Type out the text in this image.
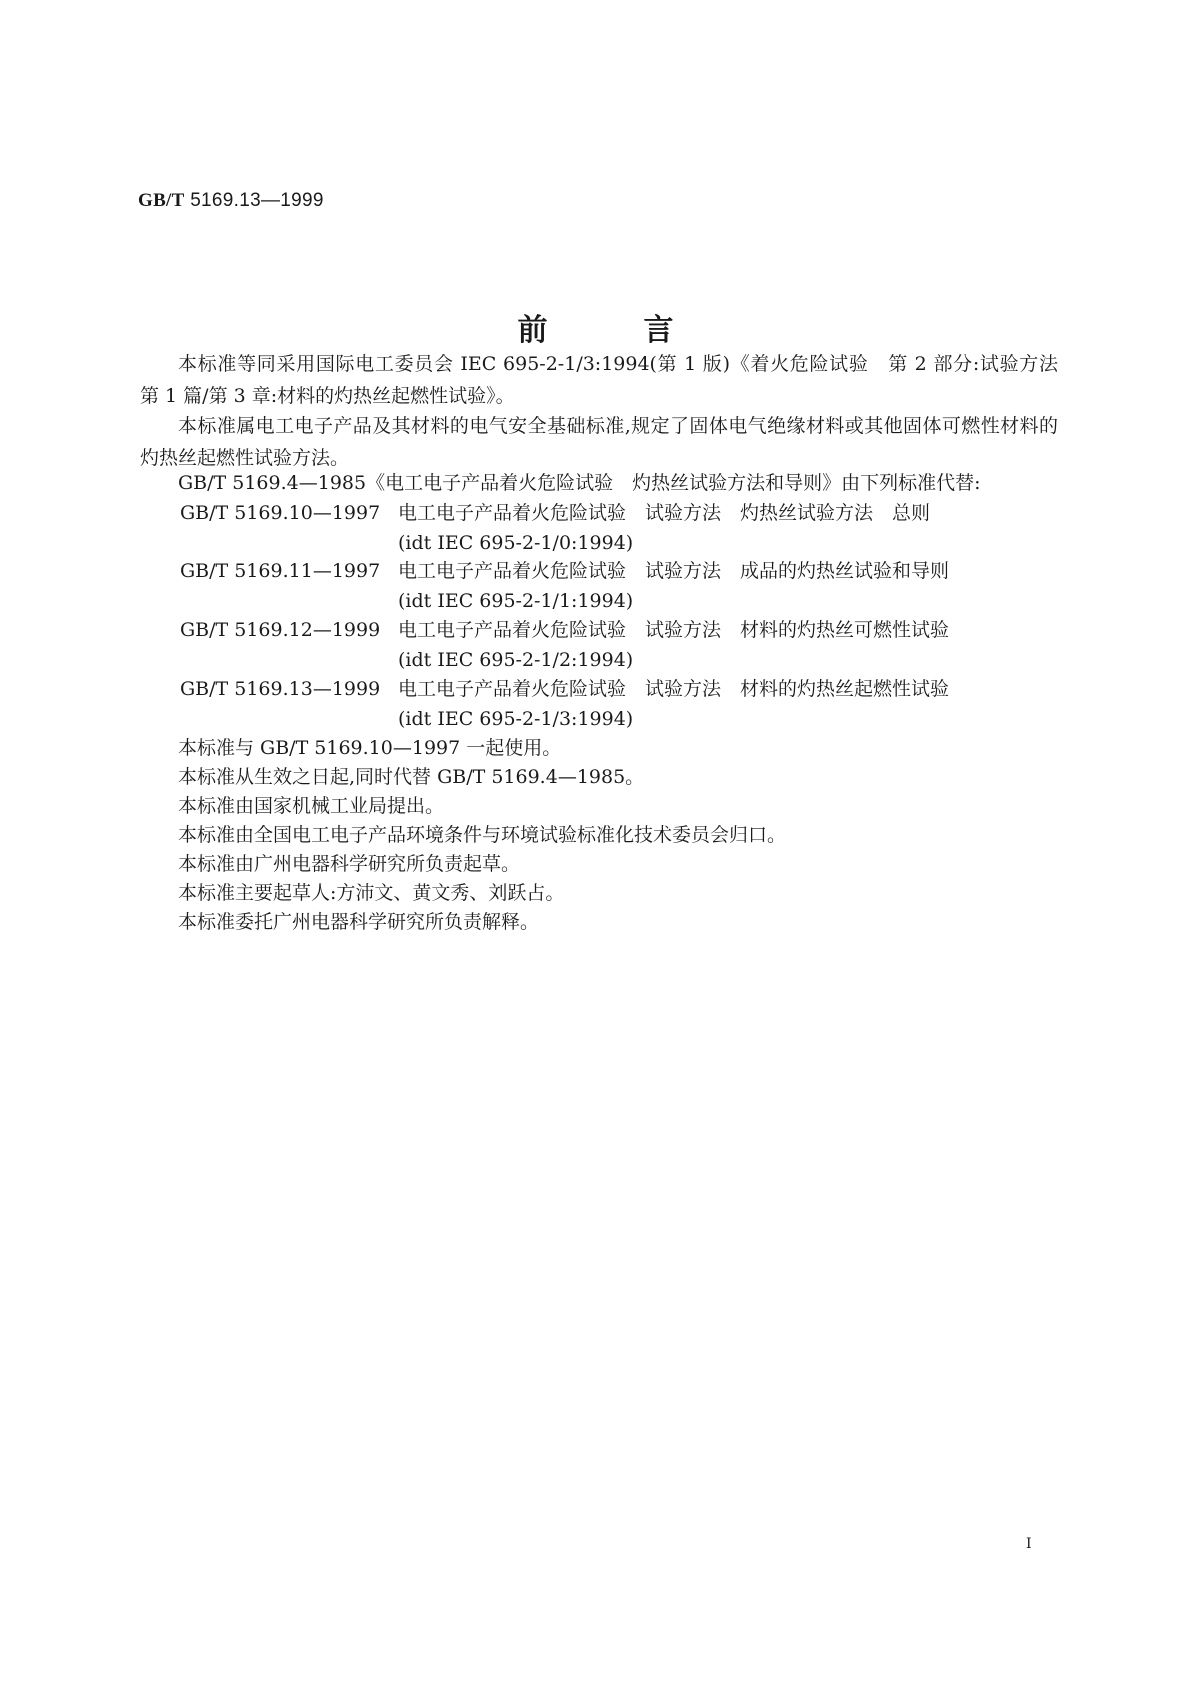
GB/T 5169.13—1999
前言
本标准等同采用国际电工委员会 IEC 695-2-1/3:1994(第 1 版)《着火危险试验　第 2 部分:试验方法　第 1 篇/第 3 章:材料的灼热丝起燃性试验》。
本标准属电工电子产品及其材料的电气安全基础标准,规定了固体电气绝缘材料或其他固体可燃性材料的灼热丝起燃性试验方法。
GB/T 5169.4—1985《电工电子产品着火危险试验　灼热丝试验方法和导则》由下列标准代替:
GB/T 5169.10—1997 电工电子产品着火危险试验　试验方法　灼热丝试验方法　总则
(idt IEC 695-2-1/0:1994)
GB/T 5169.11—1997 电工电子产品着火危险试验　试验方法　成品的灼热丝试验和导则
(idt IEC 695-2-1/1:1994)
GB/T 5169.12—1999 电工电子产品着火危险试验　试验方法　材料的灼热丝可燃性试验
(idt IEC 695-2-1/2:1994)
GB/T 5169.13—1999 电工电子产品着火危险试验　试验方法　材料的灼热丝起燃性试验
(idt IEC 695-2-1/3:1994)
本标准与 GB/T 5169.10—1997 一起使用。
本标准从生效之日起,同时代替 GB/T 5169.4—1985。
本标准由国家机械工业局提出。
本标准由全国电工电子产品环境条件与环境试验标准化技术委员会归口。
本标准由广州电器科学研究所负责起草。
本标准主要起草人:方沛文、黄文秀、刘跃占。
本标准委托广州电器科学研究所负责解释。
I
